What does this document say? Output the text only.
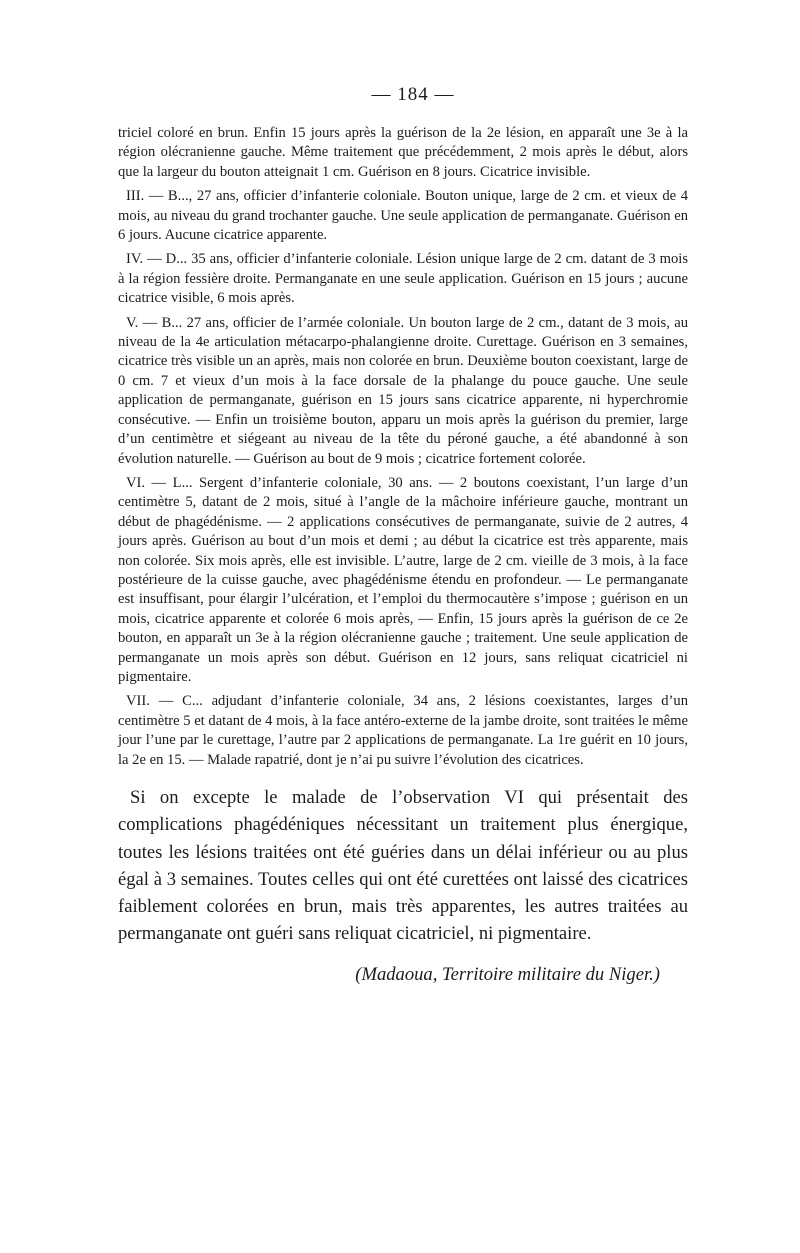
— 184 —

triciel coloré en brun. Enfin 15 jours après la guérison de la 2e lésion, en apparaît une 3e à la région olécranienne gauche. Même traitement que précédemment, 2 mois après le début, alors que la largeur du bouton atteignait 1 cm. Guérison en 8 jours. Cicatrice invisible.

III. — B..., 27 ans, officier d’infanterie coloniale. Bouton unique, large de 2 cm. et vieux de 4 mois, au niveau du grand trochanter gauche. Une seule application de permanganate. Guérison en 6 jours. Aucune cicatrice apparente.

IV. — D... 35 ans, officier d’infanterie coloniale. Lésion unique large de 2 cm. datant de 3 mois à la région fessière droite. Permanganate en une seule application. Guérison en 15 jours ; aucune cicatrice visible, 6 mois après.

V. — B... 27 ans, officier de l’armée coloniale. Un bouton large de 2 cm., datant de 3 mois, au niveau de la 4e articulation métacarpo-phalangienne droite. Curettage. Guérison en 3 semaines, cicatrice très visible un an après, mais non colorée en brun. Deuxième bouton coexistant, large de 0 cm. 7 et vieux d’un mois à la face dorsale de la phalange du pouce gauche. Une seule application de permanganate, guérison en 15 jours sans cicatrice apparente, ni hyperchromie consécutive. — Enfin un troisième bouton, apparu un mois après la guérison du premier, large d’un centimètre et siégeant au niveau de la tête du péroné gauche, a été abandonné à son évolution naturelle. — Guérison au bout de 9 mois ; cicatrice fortement colorée.

VI. — L... Sergent d’infanterie coloniale, 30 ans. — 2 boutons coexistant, l’un large d’un centimètre 5, datant de 2 mois, situé à l’angle de la mâchoire inférieure gauche, montrant un début de phagédénisme. — 2 applications consécutives de permanganate, suivie de 2 autres, 4 jours après. Guérison au bout d’un mois et demi ; au début la cicatrice est très apparente, mais non colorée. Six mois après, elle est invisible. L’autre, large de 2 cm. vieille de 3 mois, à la face postérieure de la cuisse gauche, avec phagédénisme étendu en profondeur. — Le permanganate est insuffisant, pour élargir l’ulcération, et l’emploi du thermocautère s’impose ; guérison en un mois, cicatrice apparente et colorée 6 mois après, — Enfin, 15 jours après la guérison de ce 2e bouton, en apparaît un 3e à la région olécranienne gauche ; traitement. Une seule application de permanganate un mois après son début. Guérison en 12 jours, sans reliquat cicatriciel ni pigmentaire.

VII. — C... adjudant d’infanterie coloniale, 34 ans, 2 lésions coexistantes, larges d’un centimètre 5 et datant de 4 mois, à la face antéro-externe de la jambe droite, sont traitées le même jour l’une par le curettage, l’autre par 2 applications de permanganate. La 1re guérit en 10 jours, la 2e en 15. — Malade rapatrié, dont je n’ai pu suivre l’évolution des cicatrices.

Si on excepte le malade de l’observation VI qui présentait des complications phagédéniques nécessitant un traitement plus énergique, toutes les lésions traitées ont été guéries dans un délai inférieur ou au plus égal à 3 semaines. Toutes celles qui ont été curettées ont laissé des cicatrices faiblement colorées en brun, mais très apparentes, les autres traitées au permanganate ont guéri sans reliquat cicatriciel, ni pigmentaire.

(Madaoua, Territoire militaire du Niger.)
